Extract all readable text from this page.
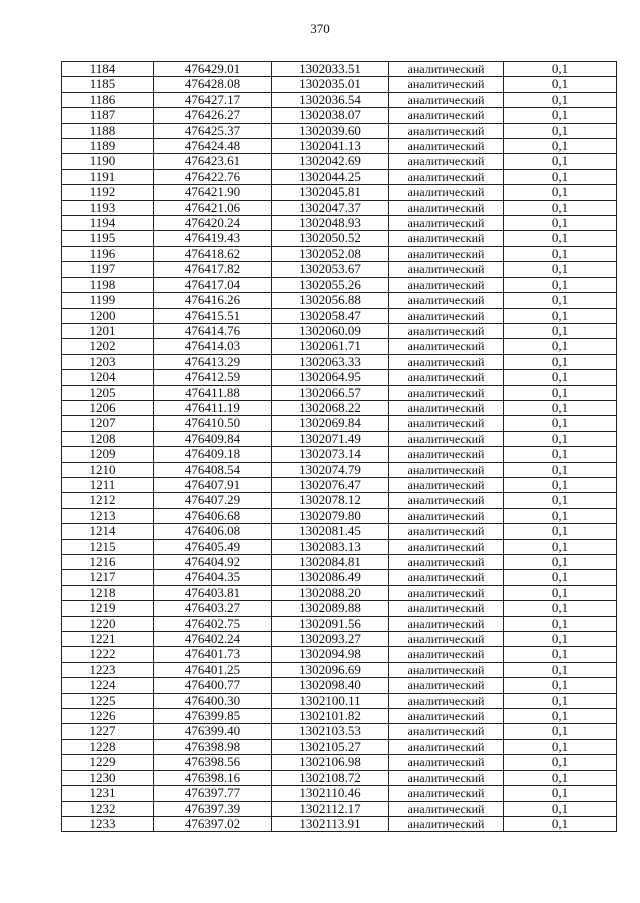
370
1184	476429.01	1302033.51	аналитический	0,1
1185	476428.08	1302035.01	аналитический	0,1
1186	476427.17	1302036.54	аналитический	0,1
1187	476426.27	1302038.07	аналитический	0,1
1188	476425.37	1302039.60	аналитический	0,1
1189	476424.48	1302041.13	аналитический	0,1
1190	476423.61	1302042.69	аналитический	0,1
1191	476422.76	1302044.25	аналитический	0,1
1192	476421.90	1302045.81	аналитический	0,1
1193	476421.06	1302047.37	аналитический	0,1
1194	476420.24	1302048.93	аналитический	0,1
1195	476419.43	1302050.52	аналитический	0,1
1196	476418.62	1302052.08	аналитический	0,1
1197	476417.82	1302053.67	аналитический	0,1
1198	476417.04	1302055.26	аналитический	0,1
1199	476416.26	1302056.88	аналитический	0,1
1200	476415.51	1302058.47	аналитический	0,1
1201	476414.76	1302060.09	аналитический	0,1
1202	476414.03	1302061.71	аналитический	0,1
1203	476413.29	1302063.33	аналитический	0,1
1204	476412.59	1302064.95	аналитический	0,1
1205	476411.88	1302066.57	аналитический	0,1
1206	476411.19	1302068.22	аналитический	0,1
1207	476410.50	1302069.84	аналитический	0,1
1208	476409.84	1302071.49	аналитический	0,1
1209	476409.18	1302073.14	аналитический	0,1
1210	476408.54	1302074.79	аналитический	0,1
1211	476407.91	1302076.47	аналитический	0,1
1212	476407.29	1302078.12	аналитический	0,1
1213	476406.68	1302079.80	аналитический	0,1
1214	476406.08	1302081.45	аналитический	0,1
1215	476405.49	1302083.13	аналитический	0,1
1216	476404.92	1302084.81	аналитический	0,1
1217	476404.35	1302086.49	аналитический	0,1
1218	476403.81	1302088.20	аналитический	0,1
1219	476403.27	1302089.88	аналитический	0,1
1220	476402.75	1302091.56	аналитический	0,1
1221	476402.24	1302093.27	аналитический	0,1
1222	476401.73	1302094.98	аналитический	0,1
1223	476401.25	1302096.69	аналитический	0,1
1224	476400.77	1302098.40	аналитический	0,1
1225	476400.30	1302100.11	аналитический	0,1
1226	476399.85	1302101.82	аналитический	0,1
1227	476399.40	1302103.53	аналитический	0,1
1228	476398.98	1302105.27	аналитический	0,1
1229	476398.56	1302106.98	аналитический	0,1
1230	476398.16	1302108.72	аналитический	0,1
1231	476397.77	1302110.46	аналитический	0,1
1232	476397.39	1302112.17	аналитический	0,1
1233	476397.02	1302113.91	аналитический	0,1
